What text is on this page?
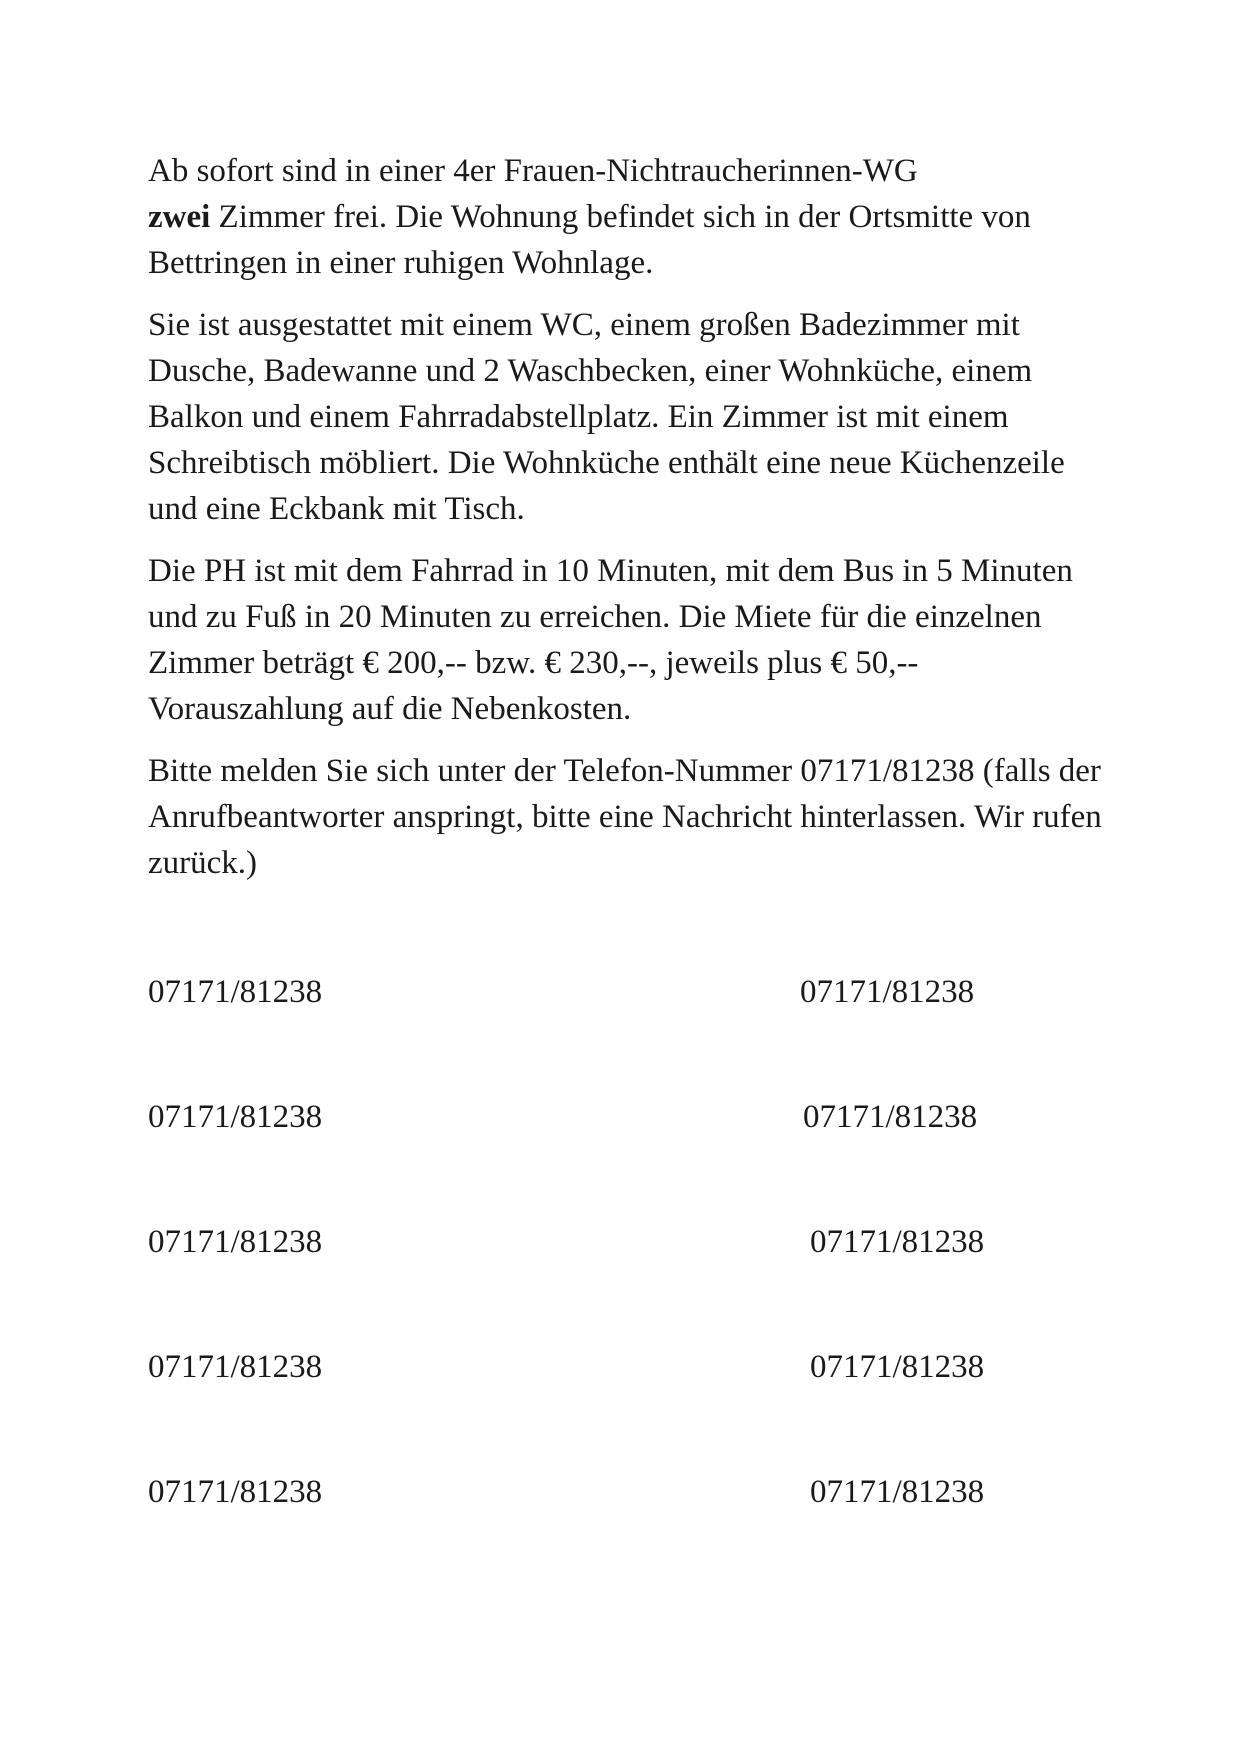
Ab sofort sind in einer 4er Frauen-Nichtraucherinnen-WG
zwei Zimmer frei. Die Wohnung befindet sich in der Ortsmitte von Bettringen in einer ruhigen Wohnlage.

Sie ist ausgestattet mit einem WC, einem großen Badezimmer mit Dusche, Badewanne und 2 Waschbecken, einer Wohnküche, einem Balkon und einem Fahrradabstellplatz. Ein Zimmer ist mit einem Schreibtisch möbliert. Die Wohnküche enthält eine neue Küchenzeile und eine Eckbank mit Tisch.

Die PH ist mit dem Fahrrad in 10 Minuten, mit dem Bus in 5 Minuten und zu Fuß in 20 Minuten zu erreichen. Die Miete für die einzelnen Zimmer beträgt € 200,-- bzw. € 230,--, jeweils plus € 50,-- Vorauszahlung auf die Nebenkosten.

Bitte melden Sie sich unter der Telefon-Nummer 07171/81238 (falls der Anrufbeantworter anspringt, bitte eine Nachricht hinterlassen. Wir rufen zurück.)

07171/81238
07171/81238
07171/81238
07171/81238
07171/81238
07171/81238
07171/81238
07171/81238
07171/81238
07171/81238
